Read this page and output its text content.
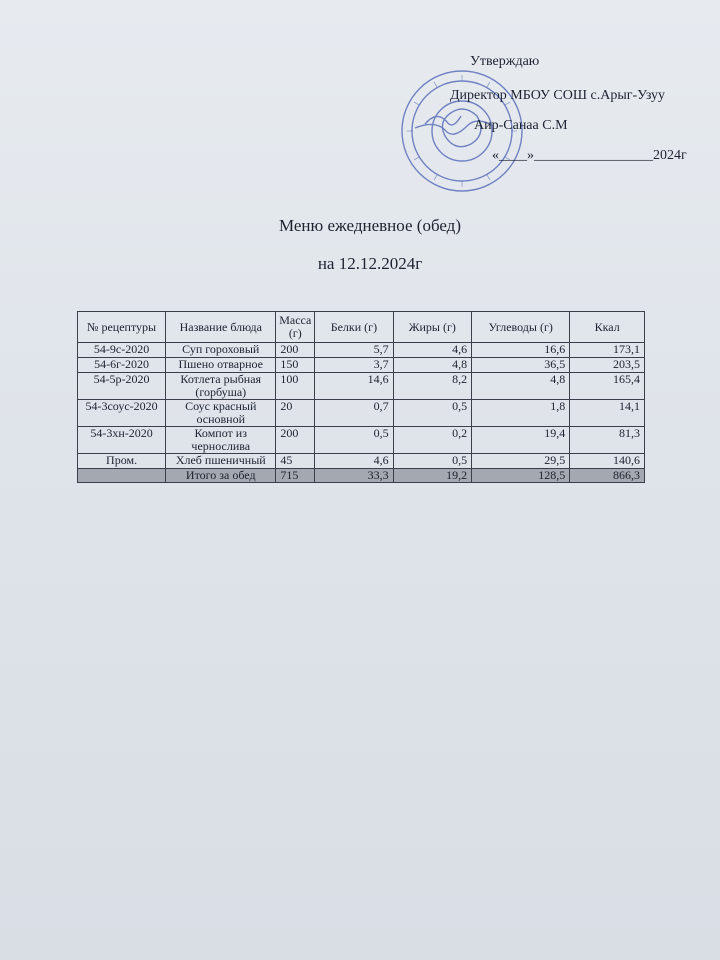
Утверждаю
Директор МБОУ СОШ с.Арыг-Узуу
Аир-Санаа С.М
«____»_________________2024г
Меню ежедневное (обед)
на 12.12.2024г
№ рецептуры	Название блюда	Масса (г)	Белки (г)	Жиры (г)	Углеводы (г)	Ккал
54-9с-2020	Суп гороховый	200	5,7	4,6	16,6	173,1
54-6г-2020	Пшено отварное	150	3,7	4,8	36,5	203,5
54-5р-2020	Котлета рыбная (горбуша)	100	14,6	8,2	4,8	165,4
54-3соус-2020	Соус красный основной	20	0,7	0,5	1,8	14,1
54-3хн-2020	Компот из чернослива	200	0,5	0,2	19,4	81,3
Пром.	Хлеб пшеничный	45	4,6	0,5	29,5	140,6
	Итого за обед	715	33,3	19,2	128,5	866,3
